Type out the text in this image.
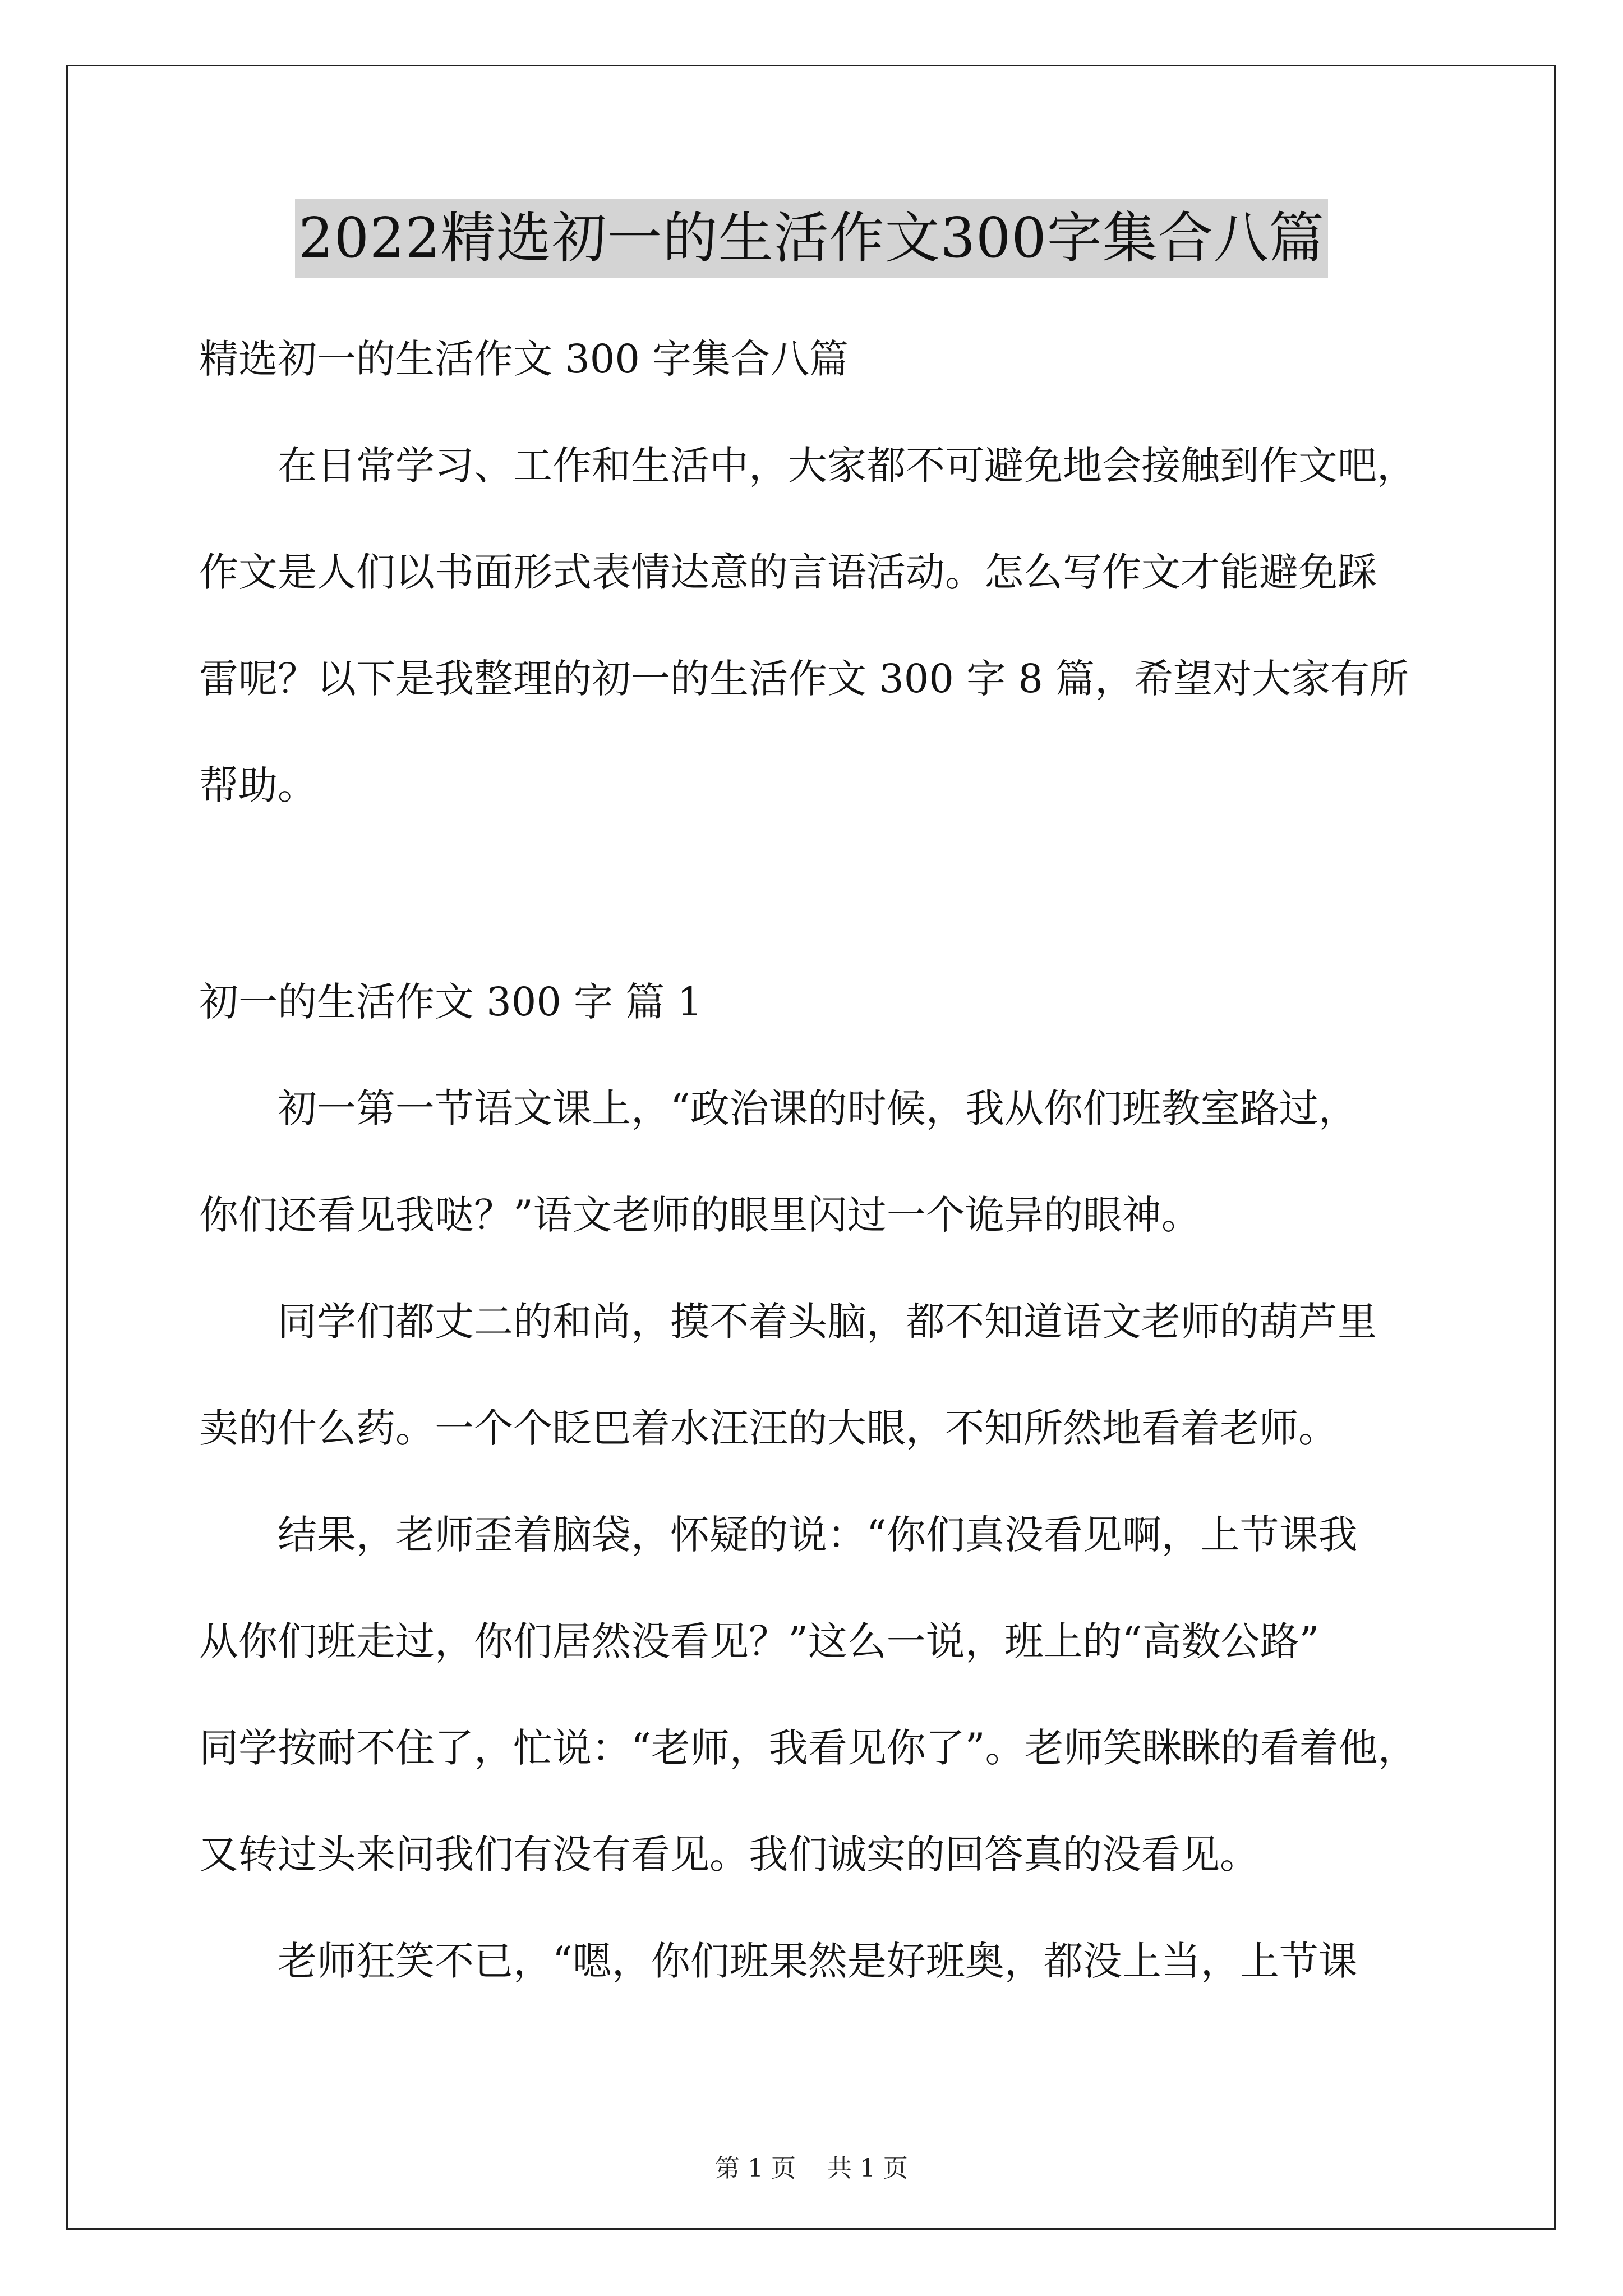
2022精选初一的生活作文300字集合八篇
精选初一的生活作文 300 字集合八篇
　　在日常学习、工作和生活中，大家都不可避免地会接触到作文吧，
作文是人们以书面形式表情达意的言语活动。怎么写作文才能避免踩
雷呢？以下是我整理的初一的生活作文 300 字 8 篇，希望对大家有所
帮助。
初一的生活作文 300 字 篇 1
　　初一第一节语文课上，“政治课的时候，我从你们班教室路过，
你们还看见我哒？”语文老师的眼里闪过一个诡异的眼神。
　　同学们都丈二的和尚，摸不着头脑，都不知道语文老师的葫芦里
卖的什么药。一个个眨巴着水汪汪的大眼，不知所然地看着老师。
　　结果，老师歪着脑袋，怀疑的说：“你们真没看见啊，上节课我
从你们班走过，你们居然没看见？”这么一说，班上的“高数公路”
同学按耐不住了，忙说：“老师，我看见你了”。老师笑眯眯的看着他，
又转过头来问我们有没有看见。我们诚实的回答真的没看见。
　　老师狂笑不已，“嗯，你们班果然是好班奥，都没上当，上节课
第 1 页 共 1 页
